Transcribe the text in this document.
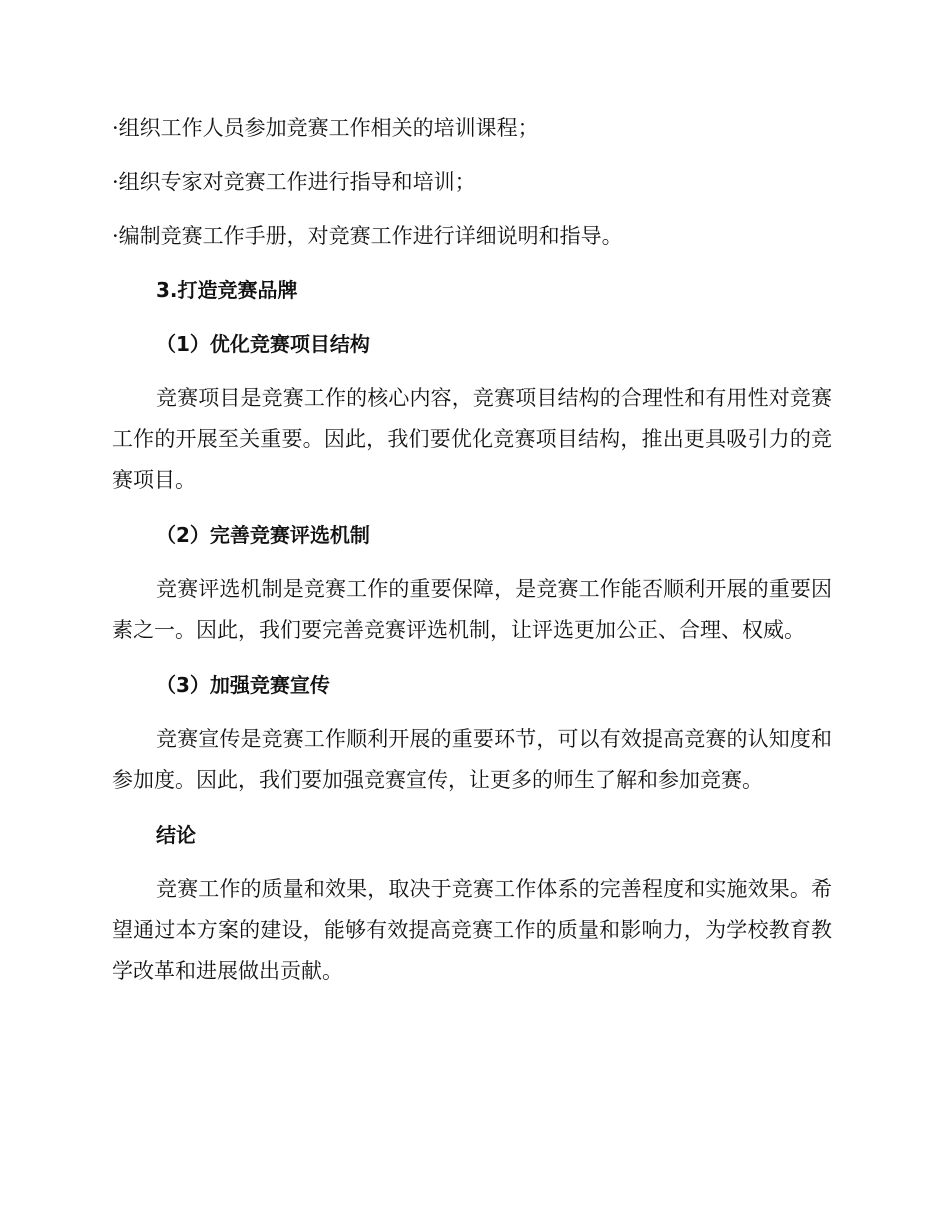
·组织工作人员参加竞赛工作相关的培训课程；
·组织专家对竞赛工作进行指导和培训；
·编制竞赛工作手册，对竞赛工作进行详细说明和指导。
3.打造竞赛品牌
（1）优化竞赛项目结构

竞赛项目是竞赛工作的核心内容，竞赛项目结构的合理性和有用性对竞赛工作的开展至关重要。因此，我们要优化竞赛项目结构，推出更具吸引力的竞赛项目。

（2）完善竞赛评选机制

竞赛评选机制是竞赛工作的重要保障，是竞赛工作能否顺利开展的重要因素之一。因此，我们要完善竞赛评选机制，让评选更加公正、合理、权威。

（3）加强竞赛宣传

竞赛宣传是竞赛工作顺利开展的重要环节，可以有效提高竞赛的认知度和参加度。因此，我们要加强竞赛宣传，让更多的师生了解和参加竞赛。

结论

竞赛工作的质量和效果，取决于竞赛工作体系的完善程度和实施效果。希望通过本方案的建设，能够有效提高竞赛工作的质量和影响力，为学校教育教学改革和进展做出贡献。
